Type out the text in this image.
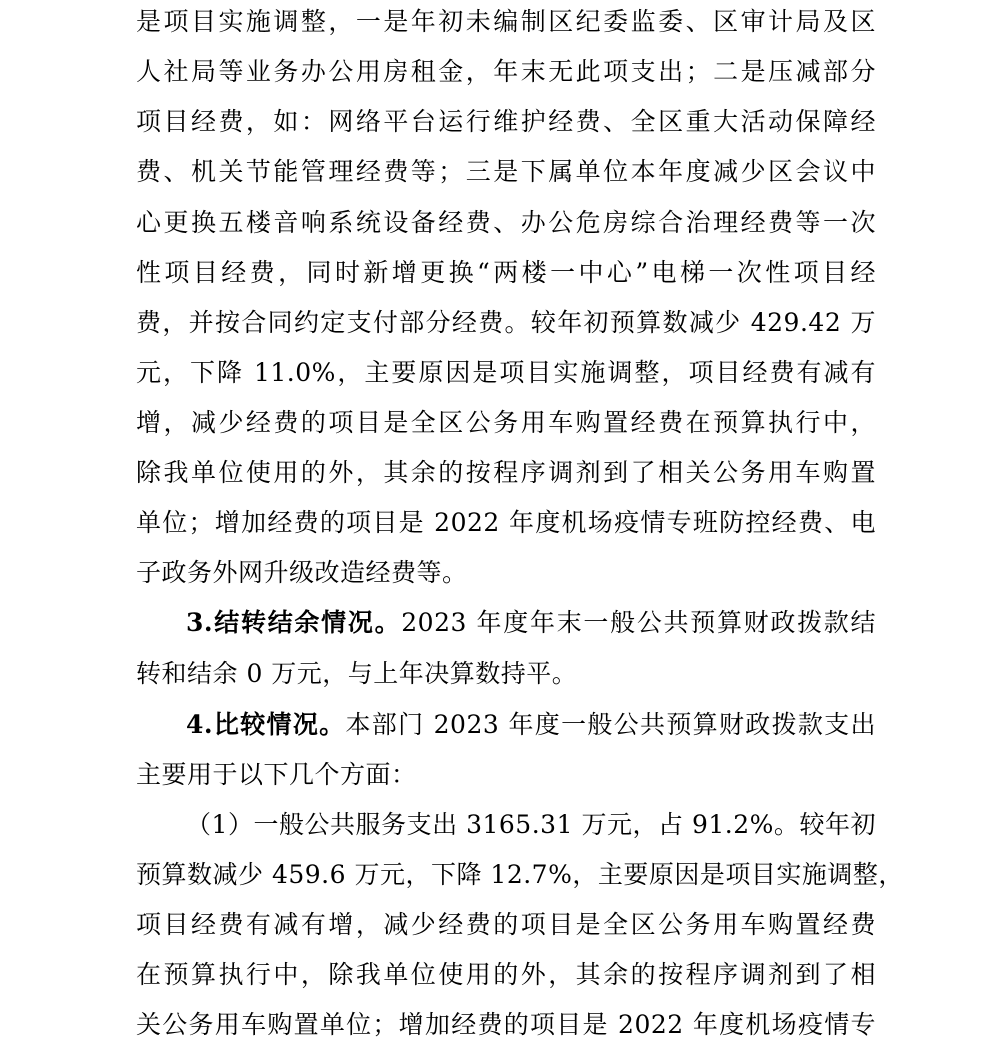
是项目实施调整，一是年初未编制区纪委监委、区审计局及区
人社局等业务办公用房租金，年末无此项支出；二是压减部分
项目经费，如：网络平台运行维护经费、全区重大活动保障经
费、机关节能管理经费等；三是下属单位本年度减少区会议中
心更换五楼音响系统设备经费、办公危房综合治理经费等一次
性项目经费，同时新增更换“两楼一中心”电梯一次性项目经
费，并按合同约定支付部分经费。较年初预算数减少 429.42 万
元，下降 11.0%，主要原因是项目实施调整，项目经费有减有
增，减少经费的项目是全区公务用车购置经费在预算执行中，
除我单位使用的外，其余的按程序调剂到了相关公务用车购置
单位；增加经费的项目是 2022 年度机场疫情专班防控经费、电
子政务外网升级改造经费等。
3.结转结余情况。2023 年度年末一般公共预算财政拨款结
转和结余 0 万元，与上年决算数持平。
4.比较情况。本部门 2023 年度一般公共预算财政拨款支出
主要用于以下几个方面：
（1）一般公共服务支出 3165.31 万元，占 91.2%。较年初
预算数减少 459.6 万元，下降 12.7%，主要原因是项目实施调整，
项目经费有减有增，减少经费的项目是全区公务用车购置经费
在预算执行中，除我单位使用的外，其余的按程序调剂到了相
关公务用车购置单位；增加经费的项目是 2022 年度机场疫情专
